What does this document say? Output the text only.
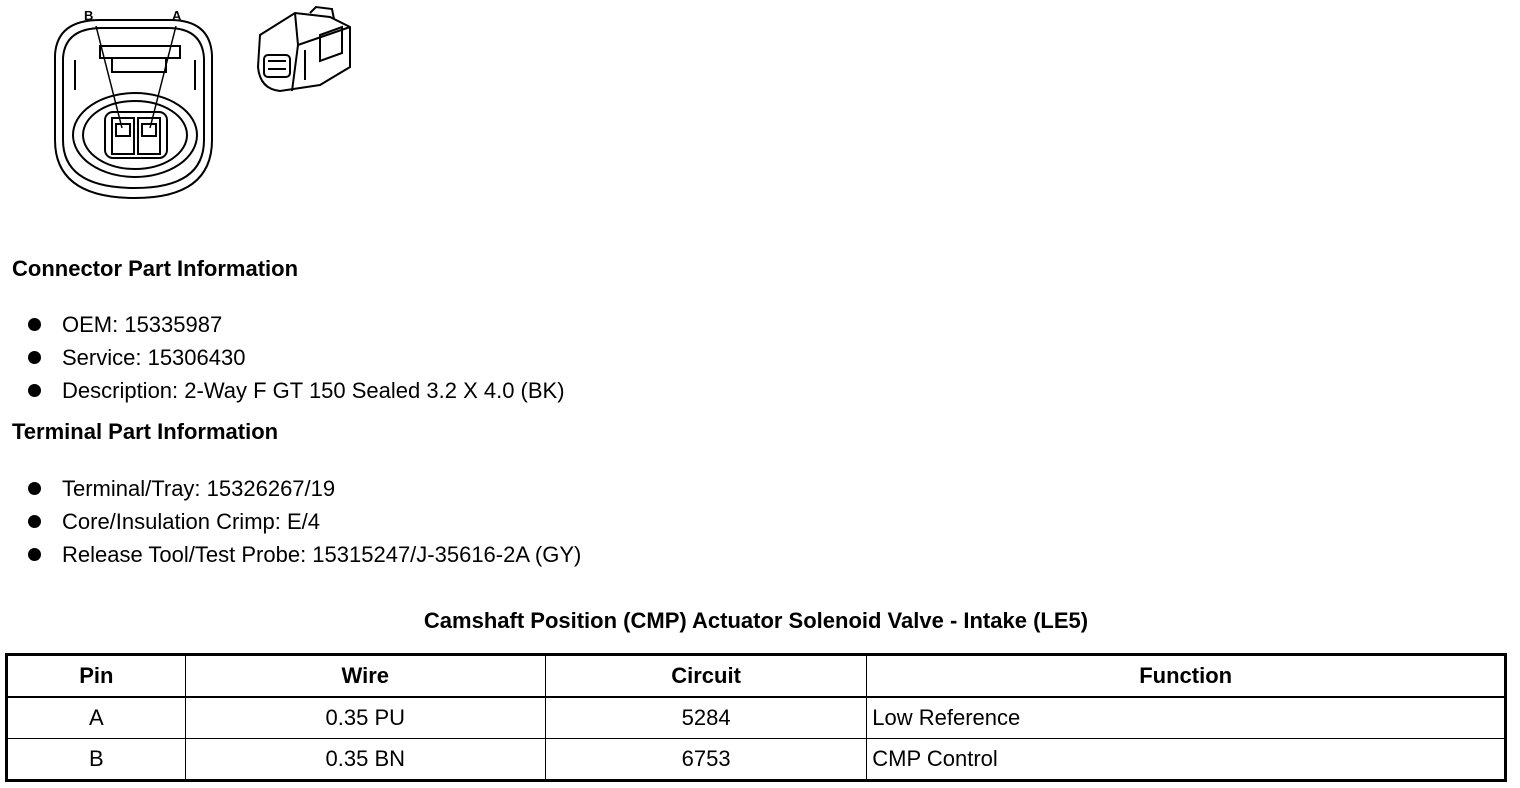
B	A
Connector Part Information
OEM: 15335987
Service: 15306430
Description: 2-Way F GT 150 Sealed 3.2 X 4.0 (BK)
Terminal Part Information
Terminal/Tray: 15326267/19
Core/Insulation Crimp: E/4
Release Tool/Test Probe: 15315247/J-35616-2A (GY)
Camshaft Position (CMP) Actuator Solenoid Valve - Intake (LE5)
Pin	Wire	Circuit	Function
A	0.35 PU	5284	Low Reference
B	0.35 BN	6753	CMP Control
